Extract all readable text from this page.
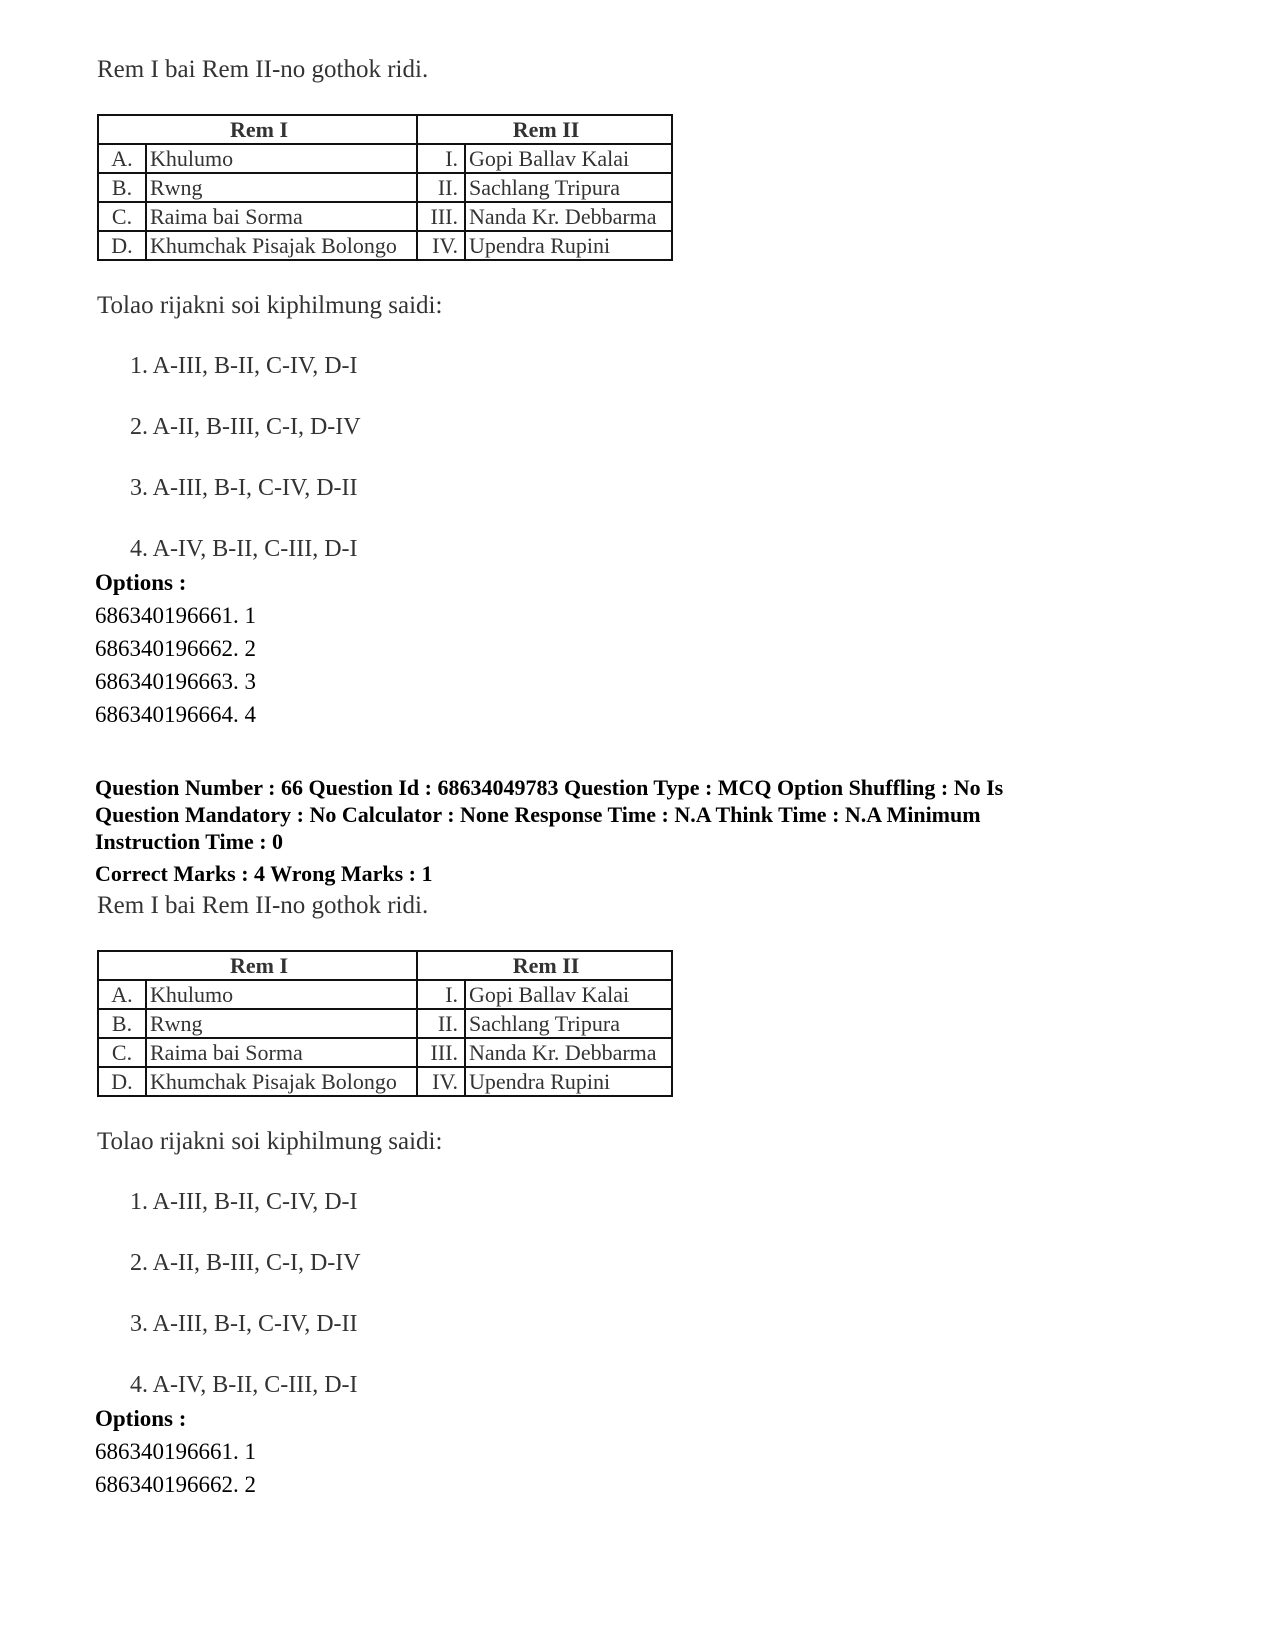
Rem I bai Rem II-no gothok ridi.
Rem I		Rem II	
A.	Khulumo	I.	Gopi Ballav Kalai
B.	Rwng	II.	Sachlang Tripura
C.	Raima bai Sorma	III.	Nanda Kr. Debbarma
D.	Khumchak Pisajak Bolongo	IV.	Upendra Rupini
Tolao rijakni soi kiphilmung saidi:
1. A-III, B-II, C-IV, D-I
2. A-II, B-III, C-I, D-IV
3. A-III, B-I, C-IV, D-II
4. A-IV, B-II, C-III, D-I
Options :
686340196661. 1
686340196662. 2
686340196663. 3
686340196664. 4
Question Number : 66 Question Id : 68634049783 Question Type : MCQ Option Shuffling : No Is
Question Mandatory : No Calculator : None Response Time : N.A Think Time : N.A Minimum
Instruction Time : 0
Correct Marks : 4 Wrong Marks : 1
Rem I bai Rem II-no gothok ridi.
Rem I		Rem II	
A.	Khulumo	I.	Gopi Ballav Kalai
B.	Rwng	II.	Sachlang Tripura
C.	Raima bai Sorma	III.	Nanda Kr. Debbarma
D.	Khumchak Pisajak Bolongo	IV.	Upendra Rupini
Tolao rijakni soi kiphilmung saidi:
1. A-III, B-II, C-IV, D-I
2. A-II, B-III, C-I, D-IV
3. A-III, B-I, C-IV, D-II
4. A-IV, B-II, C-III, D-I
Options :
686340196661. 1
686340196662. 2
